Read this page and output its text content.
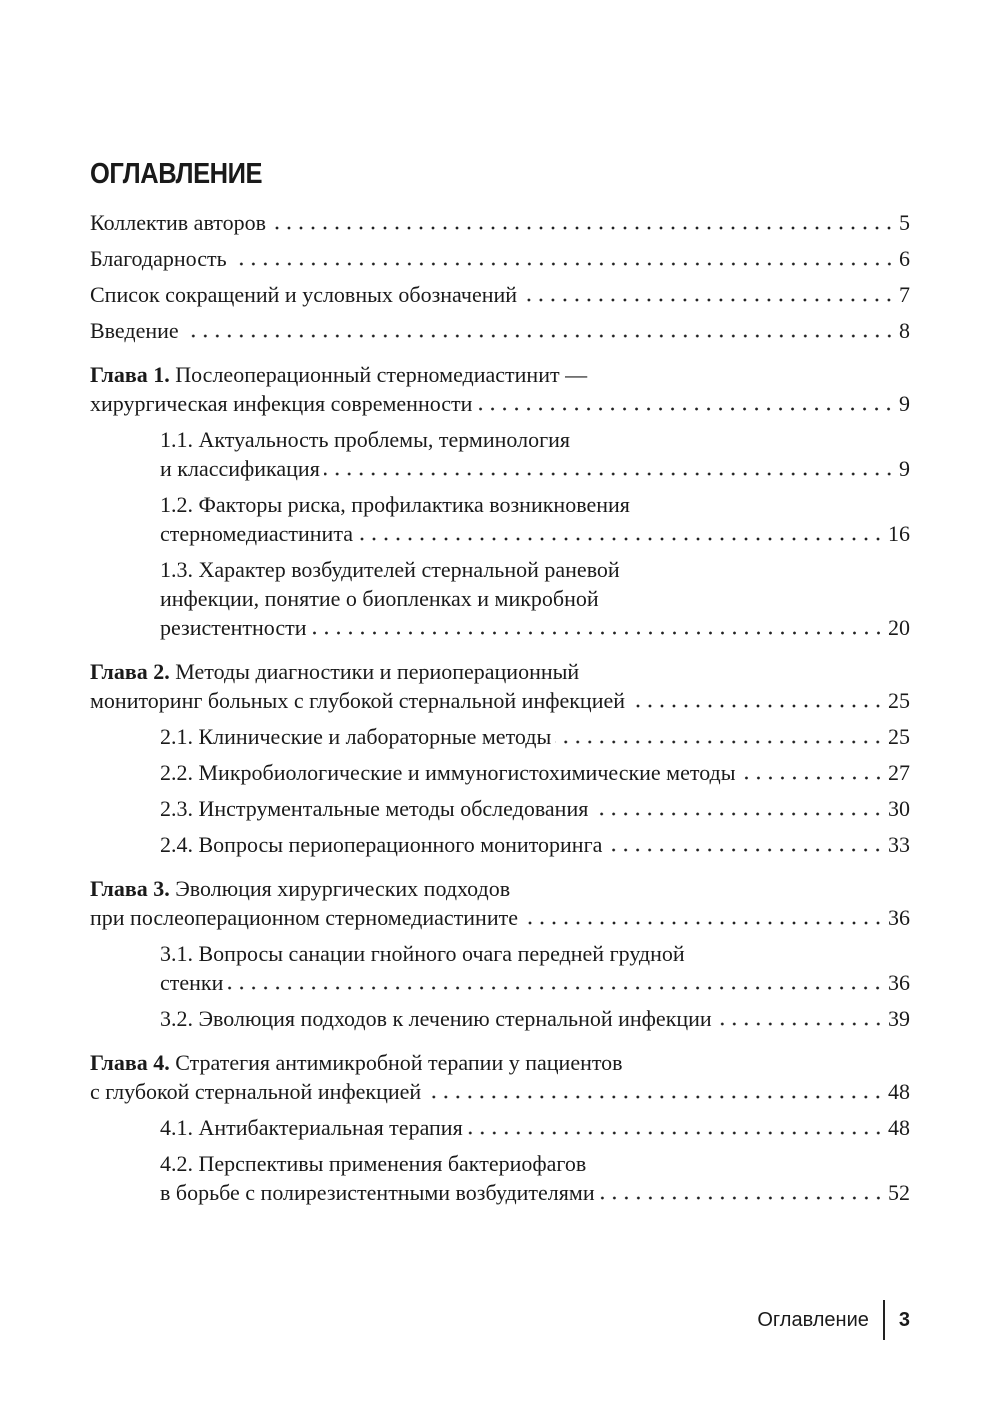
ОГЛАВЛЕНИЕ
Коллектив авторов	5
Благодарность	6
Список сокращений и условных обозначений	7
Введение	8
Глава 1. Послеоперационный стерномедиастинит —
хирургическая инфекция современности	9
1.1. Актуальность проблемы, терминология
и классификация	9
1.2. Факторы риска, профилактика возникновения
стерномедиастинита	16
1.3. Характер возбудителей стернальной раневой
инфекции, понятие о биопленках и микробной
резистентности	20
Глава 2. Методы диагностики и периоперационный
мониторинг больных с глубокой стернальной инфекцией	25
2.1. Клинические и лабораторные методы	25
2.2. Микробиологические и иммуногистохимические методы	27
2.3. Инструментальные методы обследования	30
2.4. Вопросы периоперационного мониторинга	33
Глава 3. Эволюция хирургических подходов
при послеоперационном стерномедиастините	36
3.1. Вопросы санации гнойного очага передней грудной
стенки	36
3.2. Эволюция подходов к лечению стернальной инфекции	39
Глава 4. Стратегия антимикробной терапии у пациентов
с глубокой стернальной инфекцией	48
4.1. Антибактериальная терапия	48
4.2. Перспективы применения бактериофагов
в борьбе с полирезистентными возбудителями	52
Оглавление 3
